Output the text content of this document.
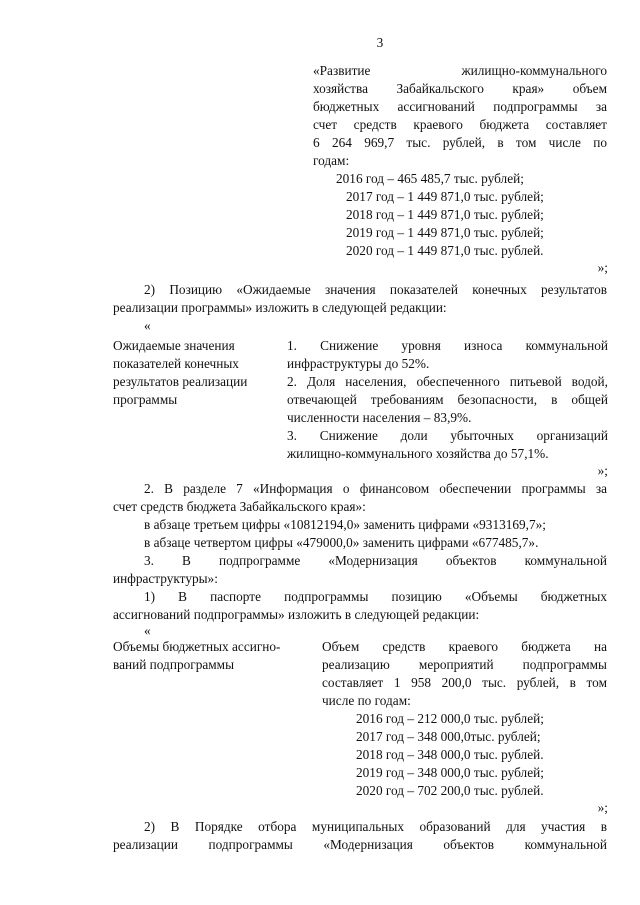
3
«Развитие жилищно-коммунального
хозяйства Забайкальского края» объем
бюджетных ассигнований подпрограммы за
счет средств краевого бюджета составляет
6 264 969,7 тыс. рублей, в том числе по
годам:
2016 год – 465 485,7 тыс. рублей;
2017 год – 1 449 871,0 тыс. рублей;
2018 год – 1 449 871,0 тыс. рублей;
2019 год – 1 449 871,0 тыс. рублей;
2020 год – 1 449 871,0 тыс. рублей.
»;
2) Позицию «Ожидаемые значения показателей конечных результатов
реализации программы» изложить в следующей редакции:
«
Ожидаемые значения
показателей конечных
результатов реализации
программы
1. Снижение уровня износа коммунальной
инфраструктуры до 52%.
2. Доля населения, обеспеченного питьевой водой,
отвечающей требованиям безопасности, в общей
численности населения – 83,9%.
3. Снижение доли убыточных организаций
жилищно-коммунального хозяйства до 57,1%.
»;
2. В разделе 7 «Информация о финансовом обеспечении программы за
счет средств бюджета Забайкальского края»:
в абзаце третьем цифры «10812194,0» заменить цифрами «9313169,7»;
в абзаце четвертом цифры «479000,0» заменить цифрами «677485,7».
3. В подпрограмме «Модернизация объектов коммунальной
инфраструктуры»:
1) В паспорте подпрограммы позицию «Объемы бюджетных
ассигнований подпрограммы» изложить в следующей редакции:
«
Объемы бюджетных ассигно-
ваний подпрограммы
Объем средств краевого бюджета на
реализацию мероприятий подпрограммы
составляет 1 958 200,0 тыс. рублей, в том
числе по годам:
2016 год – 212 000,0 тыс. рублей;
2017 год – 348 000,0тыс. рублей;
2018 год – 348 000,0 тыс. рублей.
2019 год – 348 000,0 тыс. рублей;
2020 год – 702 200,0 тыс. рублей.
»;
2) В Порядке отбора муниципальных образований для участия в
реализации подпрограммы «Модернизация объектов коммунальной
